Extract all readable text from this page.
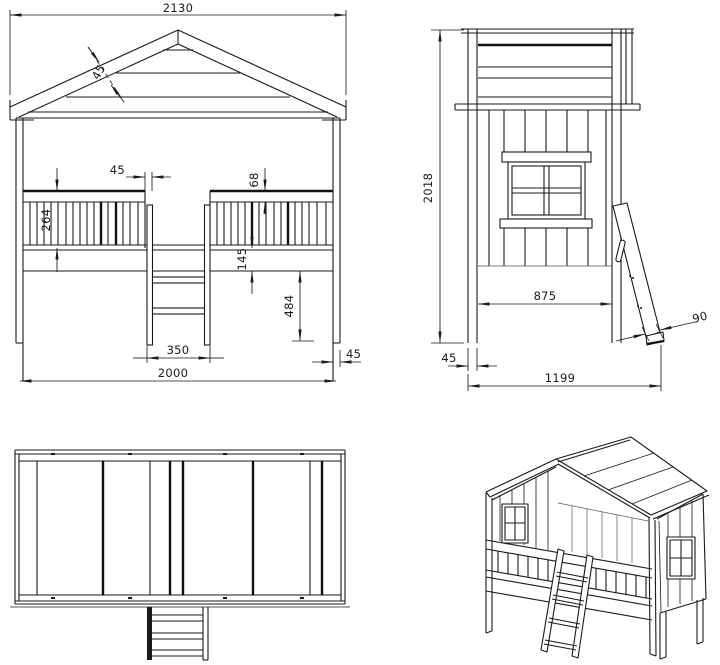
2130
45
45
68
264
145
484
350	45
2000
2018
875
90
45
1199
